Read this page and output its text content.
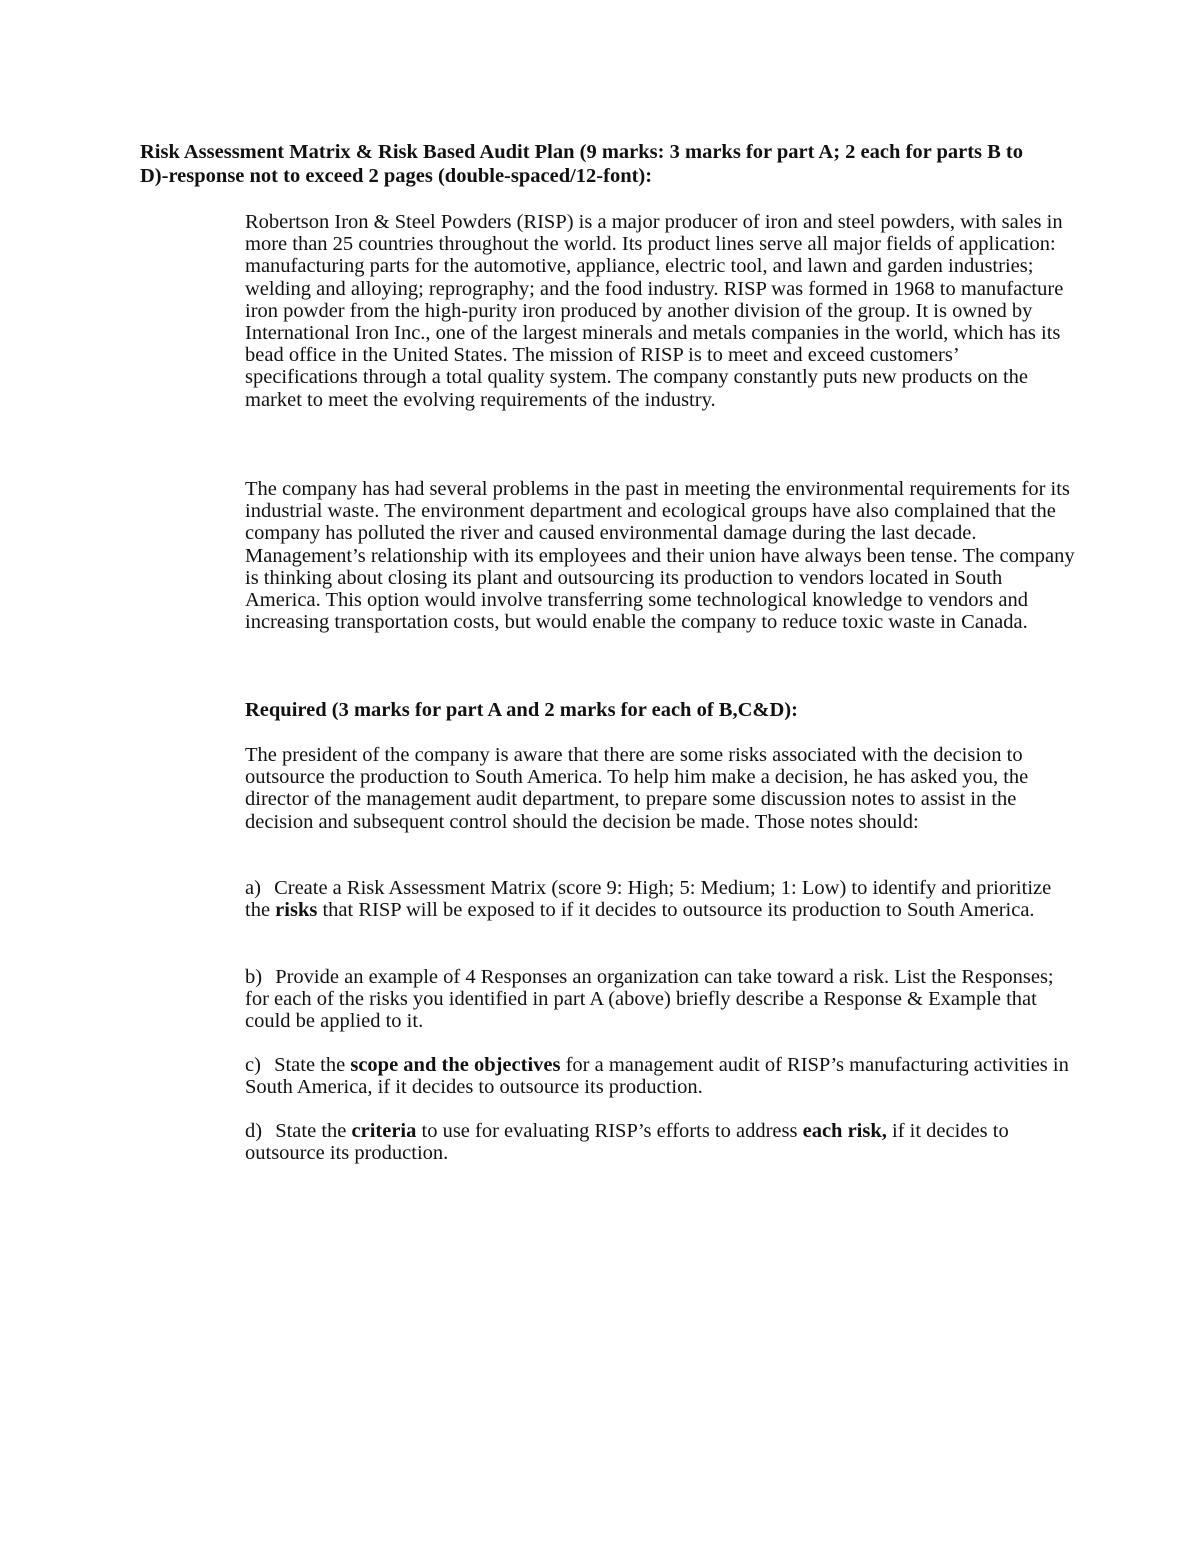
Risk Assessment Matrix & Risk Based Audit Plan (9 marks: 3 marks for part A; 2 each for parts B to D)-response not to exceed 2 pages (double-spaced/12-font):

Robertson Iron & Steel Powders (RISP) is a major producer of iron and steel powders, with sales in more than 25 countries throughout the world. Its product lines serve all major fields of application: manufacturing parts for the automotive, appliance, electric tool, and lawn and garden industries; welding and alloying; reprography; and the food industry. RISP was formed in 1968 to manufacture iron powder from the high-purity iron produced by another division of the group. It is owned by International Iron Inc., one of the largest minerals and metals companies in the world, which has its bead office in the United States. The mission of RISP is to meet and exceed customers’ specifications through a total quality system. The company constantly puts new products on the market to meet the evolving requirements of the industry.

The company has had several problems in the past in meeting the environmental requirements for its industrial waste. The environment department and ecological groups have also complained that the company has polluted the river and caused environmental damage during the last decade. Management’s relationship with its employees and their union have always been tense. The company is thinking about closing its plant and outsourcing its production to vendors located in South America. This option would involve transferring some technological knowledge to vendors and increasing transportation costs, but would enable the company to reduce toxic waste in Canada.

Required (3 marks for part A and 2 marks for each of B,C&D):

The president of the company is aware that there are some risks associated with the decision to outsource the production to South America. To help him make a decision, he has asked you, the director of the management audit department, to prepare some discussion notes to assist in the decision and subsequent control should the decision be made. Those notes should:

a) Create a Risk Assessment Matrix (score 9: High; 5: Medium; 1: Low) to identify and prioritize the risks that RISP will be exposed to if it decides to outsource its production to South America.

b) Provide an example of 4 Responses an organization can take toward a risk. List the Responses; for each of the risks you identified in part A (above) briefly describe a Response & Example that could be applied to it.

c) State the scope and the objectives for a management audit of RISP’s manufacturing activities in South America, if it decides to outsource its production.

d) State the criteria to use for evaluating RISP’s efforts to address each risk, if it decides to outsource its production.
